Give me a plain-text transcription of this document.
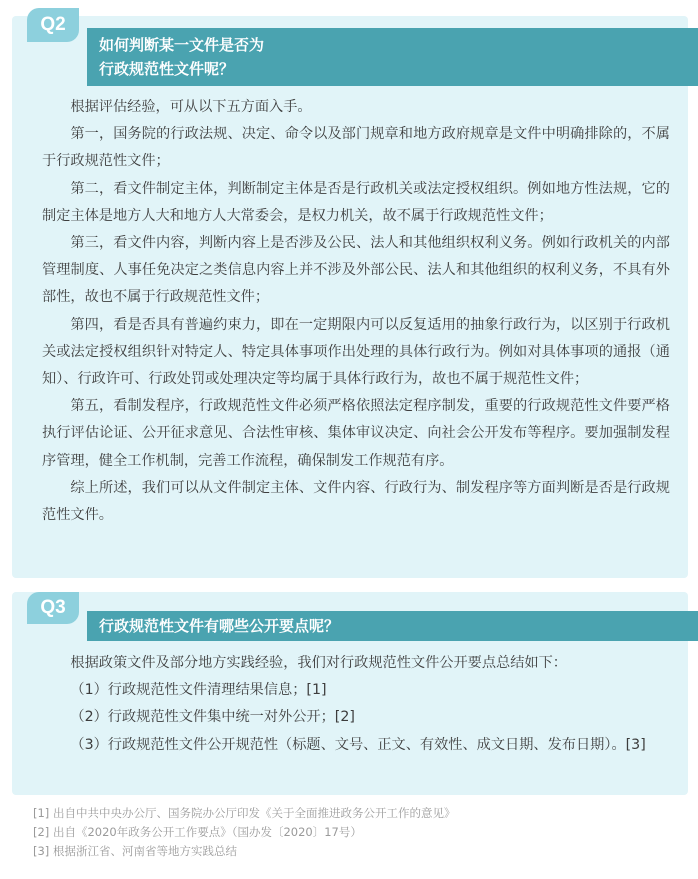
Q2
如何判断某一文件是否为
行政规范性文件呢？

根据评估经验，可从以下五方面入手。

第一，国务院的行政法规、决定、命令以及部门规章和地方政府规章是文件中明确排除的，不属于行政规范性文件；

第二，看文件制定主体，判断制定主体是否是行政机关或法定授权组织。例如地方性法规，它的制定主体是地方人大和地方人大常委会，是权力机关，故不属于行政规范性文件；

第三，看文件内容，判断内容上是否涉及公民、法人和其他组织权利义务。例如行政机关的内部管理制度、人事任免决定之类信息内容上并不涉及外部公民、法人和其他组织的权利义务，不具有外部性，故也不属于行政规范性文件；

第四，看是否具有普遍约束力，即在一定期限内可以反复适用的抽象行政行为，以区别于行政机关或法定授权组织针对特定人、特定具体事项作出处理的具体行政行为。例如对具体事项的通报（通知）、行政许可、行政处罚或处理决定等均属于具体行政行为，故也不属于规范性文件；

第五，看制发程序，行政规范性文件必须严格依照法定程序制发，重要的行政规范性文件要严格执行评估论证、公开征求意见、合法性审核、集体审议决定、向社会公开发布等程序。要加强制发程序管理，健全工作机制，完善工作流程，确保制发工作规范有序。

综上所述，我们可以从文件制定主体、文件内容、行政行为、制发程序等方面判断是否是行政规范性文件。

Q3
行政规范性文件有哪些公开要点呢？

根据政策文件及部分地方实践经验，我们对行政规范性文件公开要点总结如下：

（1）行政规范性文件清理结果信息；[1]

（2）行政规范性文件集中统一对外公开；[2]

（3）行政规范性文件公开规范性（标题、文号、正文、有效性、成文日期、发布日期）。[3]

[1] 出自中共中央办公厅、国务院办公厅印发《关于全面推进政务公开工作的意见》
[2] 出自《2020年政务公开工作要点》（国办发〔2020〕17号）
[3] 根据浙江省、河南省等地方实践总结
